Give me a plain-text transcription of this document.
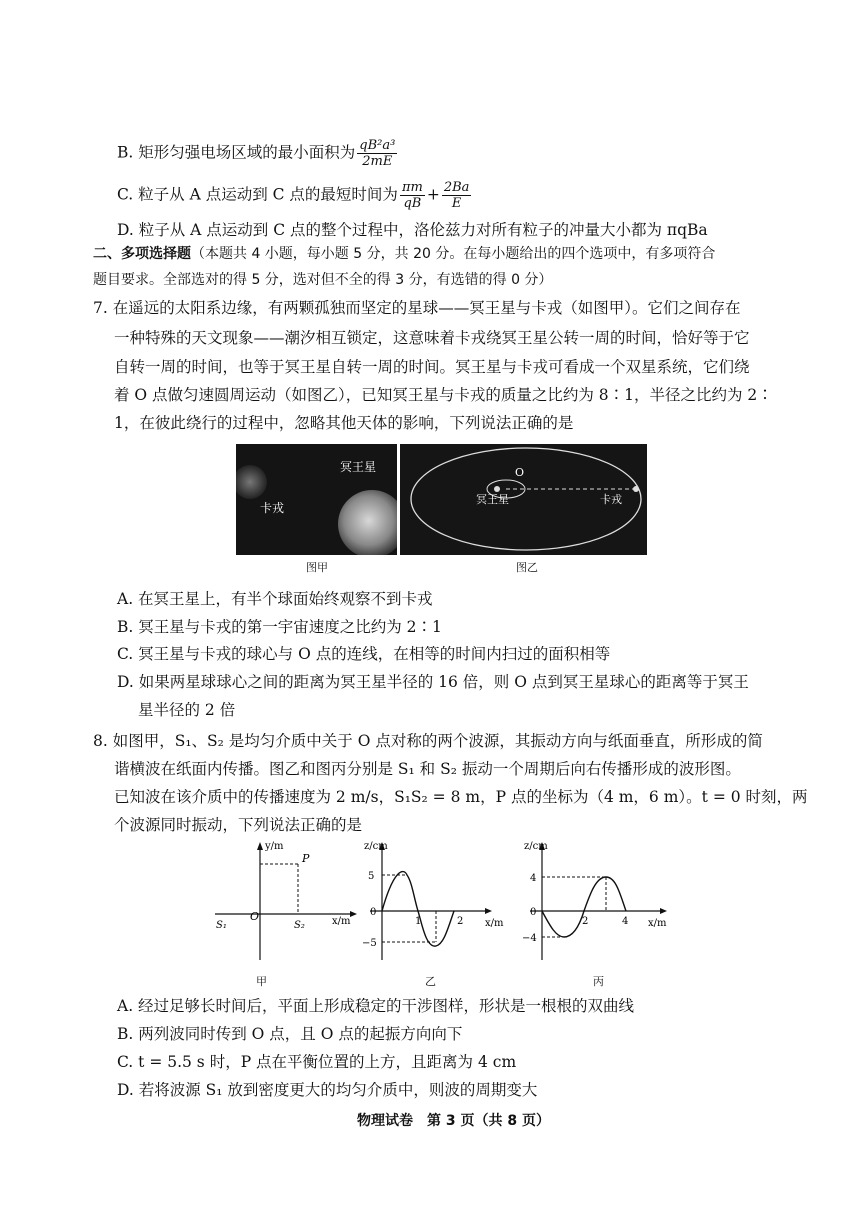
B. 矩形匀强电场区域的最小面积为 $\frac{\text{qB²a³}}{2mE}$
C. 粒子从 A 点运动到 C 点的最短时间为 $\frac{\pi m}{qB} + \frac{2Ba}{E}$
D. 粒子从 A 点运动到 C 点的整个过程中，洛伦兹力对所有粒子的冲量大小都为 πqBa
二、多项选择题（本题共 4 小题，每小题 5 分，共 20 分。在每小题给出的四个选项中，有多项符合
题目要求。全部选对的得 5 分，选对但不全的得 3 分，有选错的得 0 分）
7. 在遥远的太阳系边缘，有两颗孤独而坚定的星球——冥王星与卡戎（如图甲）。它们之间存在
一种特殊的天文现象——潮汐相互锁定，这意味着卡戎绕冥王星公转一周的时间，恰好等于它
自转一周的时间，也等于冥王星自转一周的时间。冥王星与卡戎可看成一个双星系统，它们绕
着 O 点做匀速圆周运动（如图乙），已知冥王星与卡戎的质量之比约为 8∶1，半径之比约为 2∶
1，在彼此绕行的过程中，忽略其他天体的影响，下列说法正确的是
冥王星
卡戎
O
冥王星	卡戎
图甲	图乙
A. 在冥王星上，有半个球面始终观察不到卡戎
B. 冥王星与卡戎的第一宇宙速度之比约为 2∶1
C. 冥王星与卡戎的球心与 O 点的连线，在相等的时间内扫过的面积相等
D. 如果两星球球心之间的距离为冥王星半径的 16 倍，则 O 点到冥王星球心的距离等于冥王
星半径的 2 倍
8. 如图甲，S₁、S₂ 是均匀介质中关于 O 点对称的两个波源，其振动方向与纸面垂直，所形成的简
谐横波在纸面内传播。图乙和图丙分别是 S₁ 和 S₂ 振动一个周期后向右传播形成的波形图。
已知波在该介质中的传播速度为 2 m/s，S₁S₂ = 8 m，P 点的坐标为（4 m，6 m）。t = 0 时刻，两
个波源同时振动，下列说法正确的是
y/m
P
O
S₁	S₂	x/m
甲
z/cm
5
0
−5
1	2 x/m
乙
z/cm
4
0
−4
2	4 x/m
丙
A. 经过足够长时间后，平面上形成稳定的干涉图样，形状是一根根的双曲线
B. 两列波同时传到 O 点，且 O 点的起振方向向下
C. t = 5.5 s 时，P 点在平衡位置的上方，且距离为 4 cm
D. 若将波源 S₁ 放到密度更大的均匀介质中，则波的周期变大
物理试卷　第 3 页（共 8 页）
